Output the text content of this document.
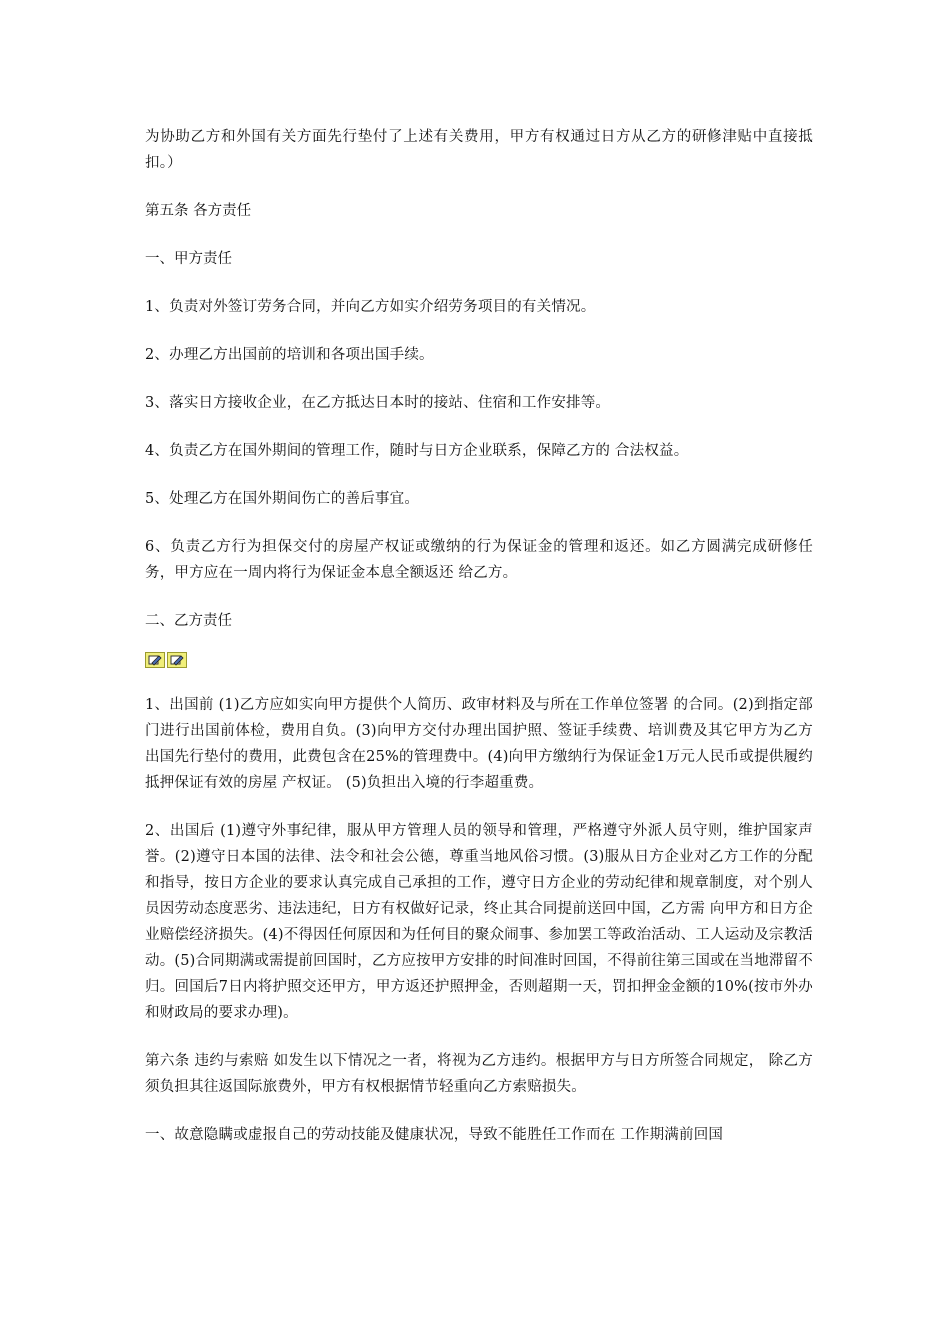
为协助乙方和外国有关方面先行垫付了上述有关费用，甲方有权通过日方从乙方的研修津贴中直接抵扣。）

第五条 各方责任

一、甲方责任

1、负责对外签订劳务合同，并向乙方如实介绍劳务项目的有关情况。

2、办理乙方出国前的培训和各项出国手续。

3、落实日方接收企业，在乙方抵达日本时的接站、住宿和工作安排等。

4、负责乙方在国外期间的管理工作，随时与日方企业联系，保障乙方的 合法权益。

5、处理乙方在国外期间伤亡的善后事宜。

6、负责乙方行为担保交付的房屋产权证或缴纳的行为保证金的管理和返还。如乙方圆满完成研修任务，甲方应在一周内将行为保证金本息全额返还 给乙方。

二、乙方责任

1、出国前 (1)乙方应如实向甲方提供个人简历、政审材料及与所在工作单位签署 的合同。(2)到指定部门进行出国前体检，费用自负。(3)向甲方交付办理出国护照、签证手续费、培训费及其它甲方为乙方 出国先行垫付的费用，此费包含在25%的管理费中。(4)向甲方缴纳行为保证金1万元人民币或提供履约抵押保证有效的房屋 产权证。 (5)负担出入境的行李超重费。

2、出国后 (1)遵守外事纪律，服从甲方管理人员的领导和管理，严格遵守外派人员守则，维护国家声誉。(2)遵守日本国的法律、法令和社会公德，尊重当地风俗习惯。(3)服从日方企业对乙方工作的分配和指导，按日方企业的要求认真完成自己承担的工作，遵守日方企业的劳动纪律和规章制度，对个别人员因劳动态度恶劣、违法违纪，日方有权做好记录，终止其合同提前送回中国，乙方需 向甲方和日方企业赔偿经济损失。(4)不得因任何原因和为任何目的聚众闹事、参加罢工等政治活动、工人运动及宗教活动。(5)合同期满或需提前回国时，乙方应按甲方安排的时间准时回国，不得前往第三国或在当地滞留不归。回国后7日内将护照交还甲方，甲方返还护照押金，否则超期一天，罚扣押金金额的10%(按市外办和财政局的要求办理)。

第六条 违约与索赔 如发生以下情况之一者，将视为乙方违约。根据甲方与日方所签合同规定， 除乙方须负担其往返国际旅费外，甲方有权根据情节轻重向乙方索赔损失。

一、故意隐瞒或虚报自己的劳动技能及健康状况，导致不能胜任工作而在 工作期满前回国
